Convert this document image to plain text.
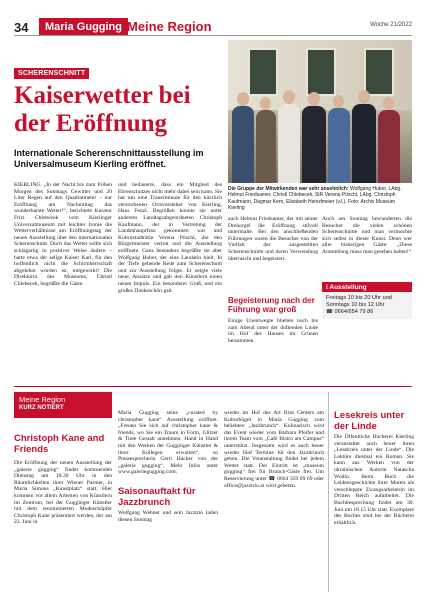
34	Maria Gugging Meine Region	Woche 21/2022
SCHERENSCHNITT
Kaiserwetter bei der Eröffnung
Internationale Scherenschnittausstellung im Universalmuseum Kierling eröffnet.
Die Gruppe der Mitwirkenden war sehr ansehnlich: Wolfgang Huber, LAbg. Helmut Friedsamer, Christl Chlebecek, StR Verena Pöschl, LAbg. Christoph Kaufmann, Dagmar Kern, Elisabeth Heinzlmeier (v.l.). Foto: Archiv Museum Kierling
KIERLING. „In der Nacht bis zum frühen Morgen des Sonntags Gewitter und 20 Liter Regen auf den Quadratmeter – nur Eröffnung am Nachmittag das wunderbarste Wetter!“, berichtete Kurator Fritz Chlebecek vom Kierlinger Universalmuseum mit leichter Ironie die Wetterverhältnisse am Eröffnungstag der neuen Ausstellung über den internationalen Scherenschnitt. Doch das Wetter sollte sich schlagartig in positiver Weise ändern – hatte etwa der selige Kaiser Karl, für den hoffentlich nicht die Schirmherrschaft abgelehnt worden ist, mitgewirkt? Die Direktorin des Museums, Christl Chlebecek, begrüßte die Gäste.
und bedauerte, dass ein Mitglied des Ehrenschutzes nicht mehr dabei sein kann. Sie hat um eine Trauerminute für den kürzlich verstorbenen Ortsvorsteher von Kierling, Hans Fenzl. Begrüßen konnte sie unter anderem Landtagsabgeordneten Christoph Kaufmann, der in Vertretung der Landeshauptfrau gekommen war und Kulturstadträtin Verena Pöschl, die den Bürgermeister vertrat und die Ausstellung eröffnete. Ganz besonders begrüßte sie aber Wolfgang Huber, der eine Laudatio hielt. In der Tiefe gehende Rede zum Scherenschnitt und zur Ausstellung folgte. Er zeigte viele neue, Ansätze und gab den Künstlern einen neuen Impuls. Ein besonderer Gruß, und ein großes Dankeschön galt
auch Helmut Friedsamer, der mit seiner Drehorgel die Eröffnung stilvoll untermalte. Bei den anschließenden Führungen waren die Besucher von der Vielfalt der ausgestellten Scherenschnitte und deren Verwendung überrascht und begeistert.
Begeisterung nach der Führung war groß
Einige Unentwegte blieben noch bis zum Abend unter der duftenden Linde im Hof des Hauses im Grünen beisammen.
Auch am Sonntag bewunderten die Besucher die vielen schönen Scherenschnitte und man vermochte sich selbst in dieser Kunst. Denn wer aller bisherigen Gäste: „Diese Ausstellung muss man gesehen haben!“
i Ausstellung
Freitags 10 bis 20 Uhr und
Sonntags 10 bis 12 Uhr
☎ 0664/654 79 86
Meine Region
KURZ NOTIERT
Christoph Kane and Friends
Die Eröffnung der neuen Ausstellung der „galerie gugging“ findet kommenden Dienstag um 18.30 Uhr in den Räumlichkeiten ihrer Wiener Partner, in Maria Simons „Kunstplatz“ statt. Hier kommen vor allem Arbeiten von Künstlern im Zentrum, bei der Gugginger Künstler mit dem renommierten Modeschöpfer Christoph Kane präsentiert werden, der am 22. Juni in
Maria Gugging seine „curated by christopher kane“ Ausstellung eröffnet. „Freuen Sie sich auf christopher kane & friends, wo Sie ein Traum in Form, Glitzer & Tinte Gestalt annehmen. Hand in Hand mit den Werken der Gugginger Künstler & ihrer Kollegen erwarten“, so Pressesprecherin Gerti Hacker von der „galerie gugging“. Mehr Infos unter www.galeriegugging.com.
Saisonauftakt für Jazzbrunch
Wolfgang Wehner und sein Jazztrio laden diesen Sonntag
wieder im Hof des Art Brut Centers am Kulturhügel in Maria Gugging zum beliebten „Jazzbrunch“. Kulinarisch wird das Event wieder vom Barbara Pfeifer und ihrem Team vom „Café Bistro am Campus“ unterstützt. Insgesamt wird es auch heuer wieder fünf Termine für den Jazzbrunch geben. Die Veranstaltung findet bei jedem Wetter statt. Der Eintritt ist „museum gugging“ frei für Brunch-Gäste frei. Um Reservierung unter ☎ 0664 359 09 69 oder office@jazztrio.at wird gebeten.
Lesekreis unter der Linde
Die Öffentliche Bücherei Kierling veranstaltet auch heuer ihren „Lesekreis unter der Linde“. Die Lektüre diesmal ein Roman. Sie kann aus Werken von der ukrainischen Autorin Natascha Wodin. Beim Buch die Leidensgeschichte ihrer Mutter als verschleppte Zwangsarbeiterin im Dritten Reich aufarbeitet. Die Buchbesprechung findet am 30. Juni um 18.15 Uhr statt. Exemplare des Buches sind bei der Bücherei erhältlich.
